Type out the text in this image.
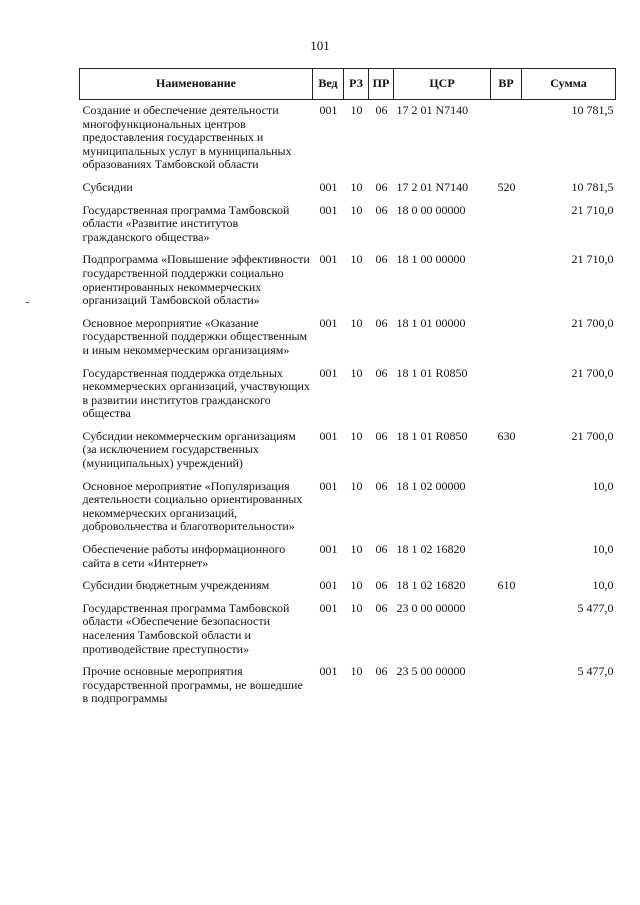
101
Наименование	Вед	РЗ	ПР	ЦСР	ВР	Сумма
Создание и обеспечение деятельности многофункциональных центров предоставления государственных и муниципальных услуг в муниципальных образованиях Тамбовской области	001	10	06	17 2 01 N7140		10 781,5
Субсидии	001	10	06	17 2 01 N7140	520	10 781,5
Государственная программа Тамбовской области «Развитие институтов гражданского общества»	001	10	06	18 0 00 00000		21 710,0
Подпрограмма «Повышение эффективности государственной поддержки социально ориентированных некоммерческих организаций Тамбовской области»	001	10	06	18 1 00 00000		21 710,0
Основное мероприятие «Оказание государственной поддержки общественным и иным некоммерческим организациям»	001	10	06	18 1 01 00000		21 700,0
Государственная поддержка отдельных некоммерческих организаций, участвующих в развитии институтов гражданского общества	001	10	06	18 1 01 R0850		21 700,0
Субсидии некоммерческим организациям (за исключением государственных (муниципальных) учреждений)	001	10	06	18 1 01 R0850	630	21 700,0
Основное мероприятие «Популяризация деятельности социально ориентированных некоммерческих организаций, добровольчества и благотворительности»	001	10	06	18 1 02 00000		10,0
Обеспечение работы информационного сайта в сети «Интернет»	001	10	06	18 1 02 16820		10,0
Субсидии бюджетным учреждениям	001	10	06	18 1 02 16820	610	10,0
Государственная программа Тамбовской области «Обеспечение безопасности населения Тамбовской области и противодействие преступности»	001	10	06	23 0 00 00000		5 477,0
Прочие основные мероприятия государственной программы, не вошедшие в подпрограммы	001	10	06	23 5 00 00000		5 477,0
